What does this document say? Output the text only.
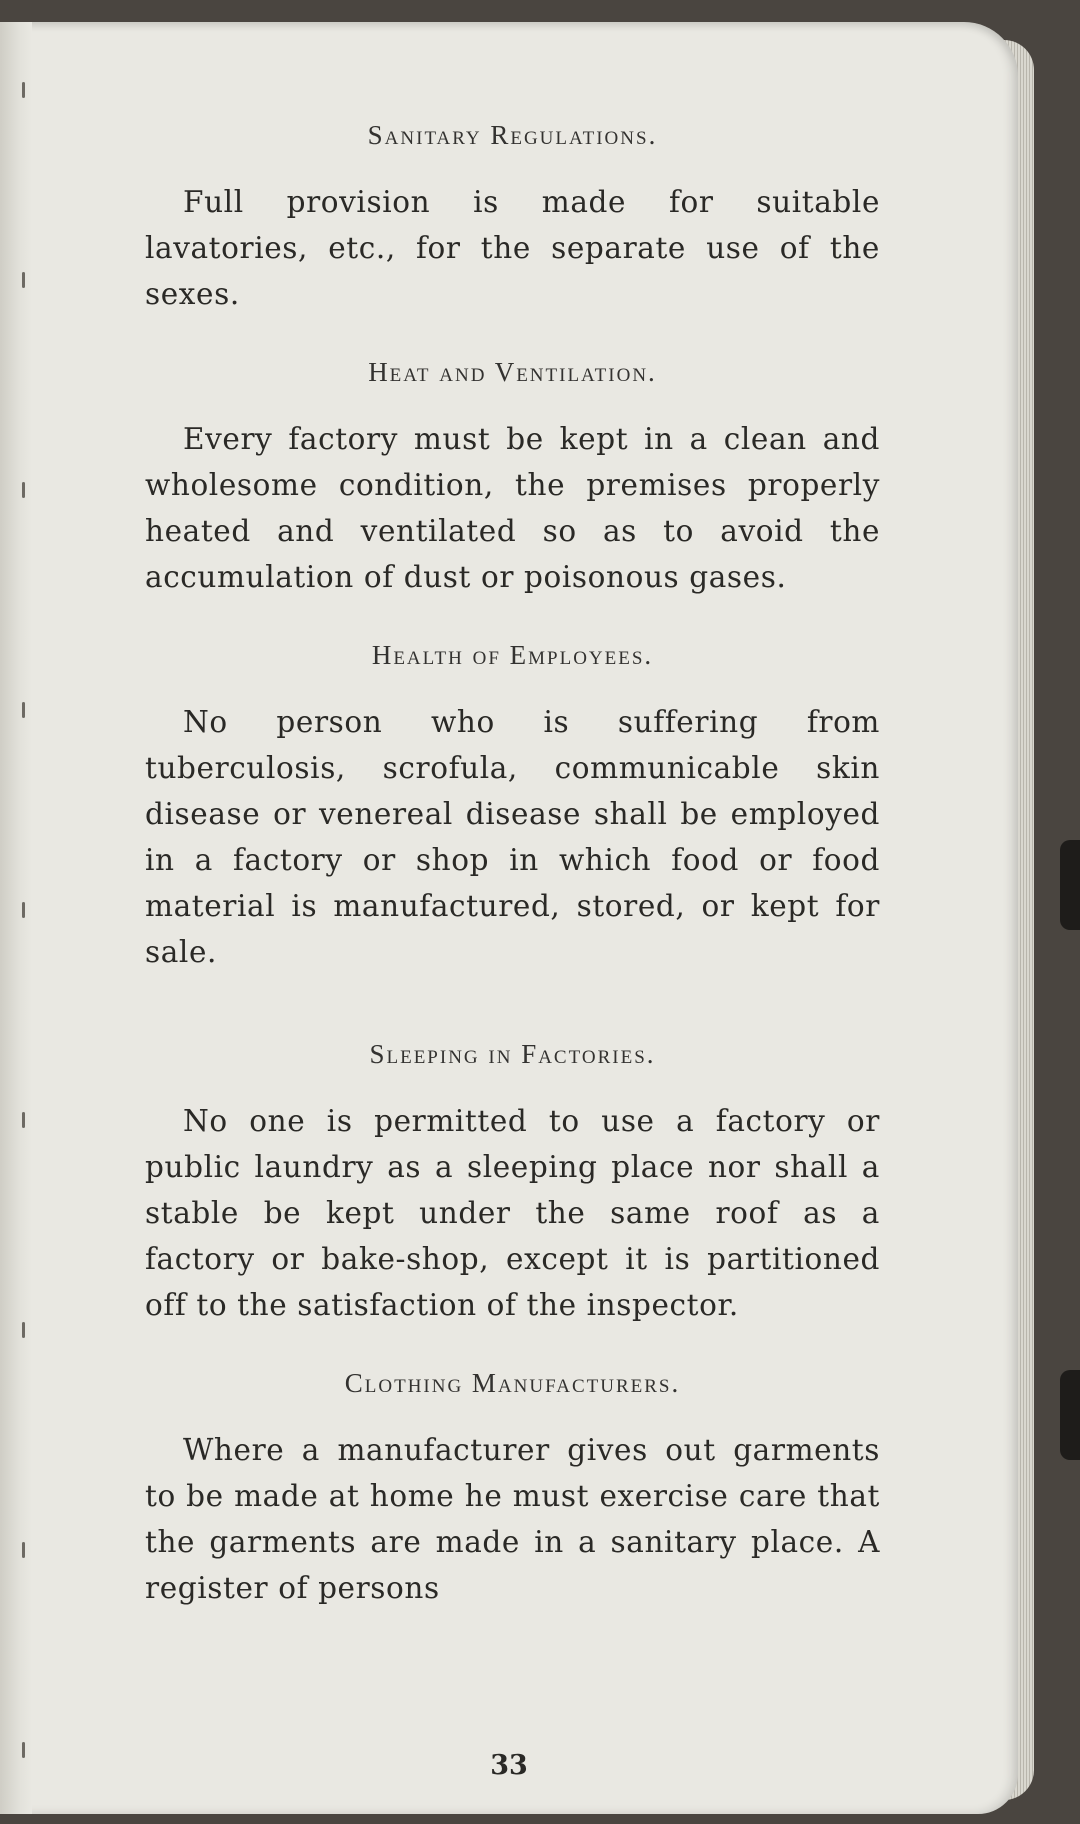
Sanitary Regulations.

Full provision is made for suitable lavatories, etc., for the separate use of the sexes.

Heat and Ventilation.

Every factory must be kept in a clean and wholesome condition, the premises properly heated and ventilated so as to avoid the accumulation of dust or poisonous gases.

Health of Employees.

No person who is suffering from tuberculosis, scrofula, communicable skin disease or venereal disease shall be employed in a factory or shop in which food or food material is manufactured, stored, or kept for sale.

Sleeping in Factories.

No one is permitted to use a factory or public laundry as a sleeping place nor shall a stable be kept under the same roof as a factory or bake-shop, except it is partitioned off to the satisfaction of the inspector.

Clothing Manufacturers.

Where a manufacturer gives out garments to be made at home he must exercise care that the garments are made in a sanitary place. A register of persons

33
